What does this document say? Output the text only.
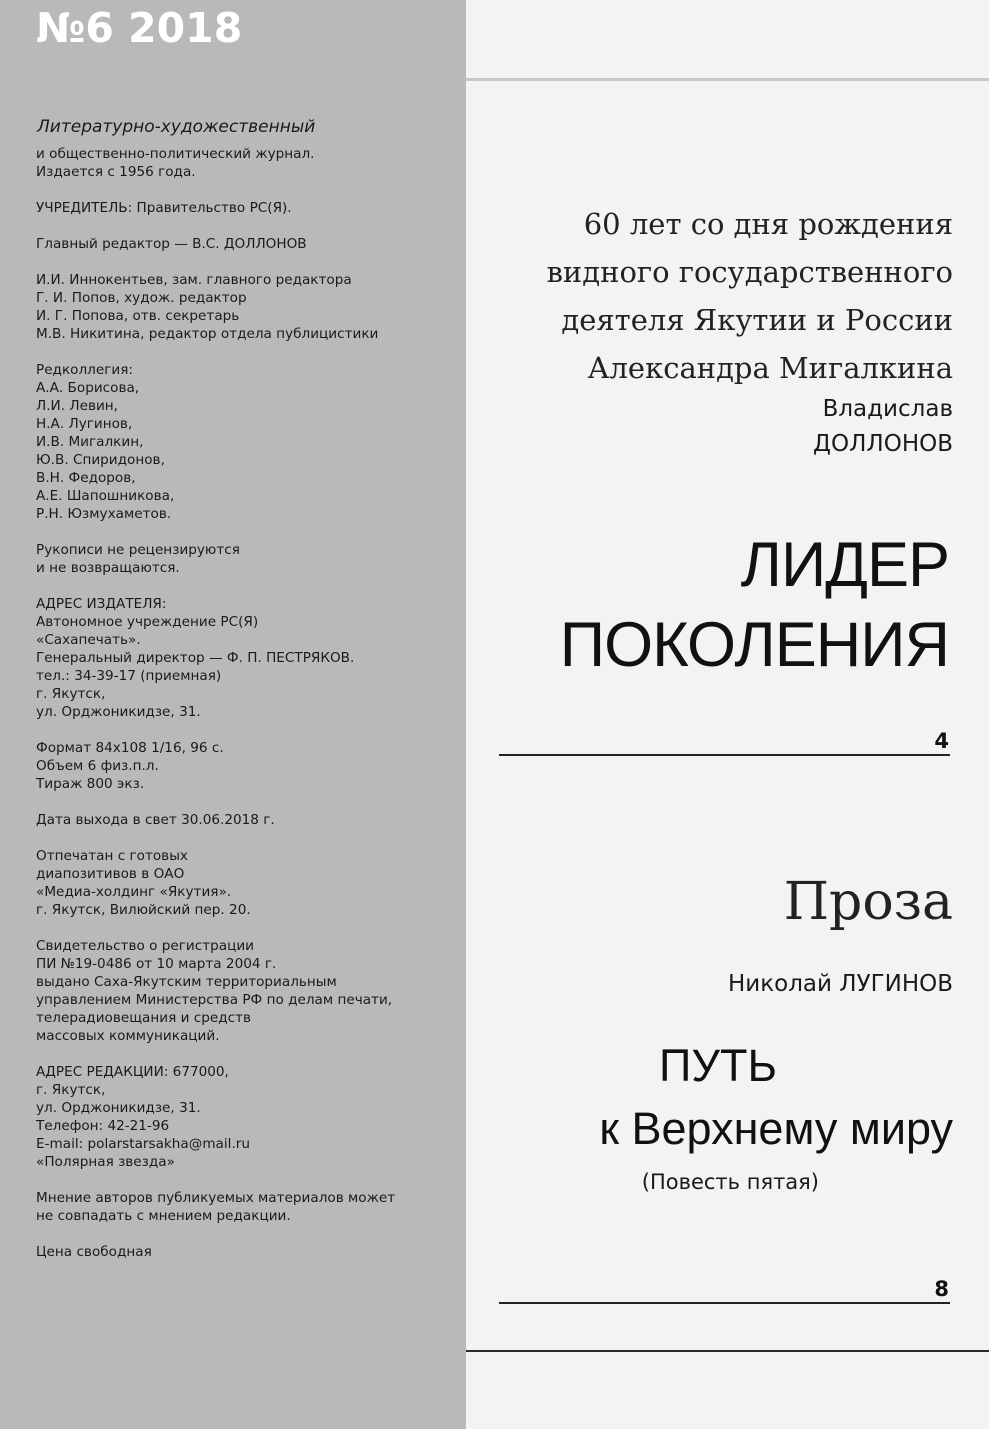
№6 2018
Литературно-художественный

и общественно-политический журнал.
Издается с 1956 года.

УЧРЕДИТЕЛЬ: Правительство РС(Я).

Главный редактор — В.С. ДОЛЛОНОВ

И.И. Иннокентьев, зам. главного редактора
Г. И. Попов, худож. редактор
И. Г. Попова, отв. секретарь
М.В. Никитина, редактор отдела публицистики

Редколлегия:
А.А. Борисова,
Л.И. Левин,
Н.А. Лугинов,
И.В. Мигалкин,
Ю.В. Спиридонов,
В.Н. Федоров,
А.Е. Шапошникова,
Р.Н. Юзмухаметов.

Рукописи не рецензируются
и не возвращаются.

АДРЕС ИЗДАТЕЛЯ:
Автономное учреждение РС(Я)
«Сахапечать».
Генеральный директор — Ф. П. ПЕСТРЯКОВ.
тел.: 34-39-17 (приемная)
г. Якутск,
ул. Орджоникидзе, 31.

Формат 84х108 1/16, 96 с.
Объем 6 физ.п.л.
Тираж 800 экз.

Дата выхода в свет 30.06.2018 г.

Отпечатан с готовых
диапозитивов в ОАО
«Медиа-холдинг «Якутия».
г. Якутск, Вилюйский пер. 20.

Свидетельство о регистрации
ПИ №19-0486 от 10 марта 2004 г.
выдано Саха-Якутским территориальным
управлением Министерства РФ по делам печати,
телерадиовещания и средств
массовых коммуникаций.

АДРЕС РЕДАКЦИИ: 677000,
г. Якутск,
ул. Орджоникидзе, 31.
Телефон: 42-21-96
E-mail: polarstarsakha@mail.ru
«Полярная звезда»

Мнение авторов публикуемых материалов может
не совпадать с мнением редакции.

Цена свободная

60 лет со дня рождения
видного государственного
деятеля Якутии и России
Александра Мигалкина
Владислав
ДОЛЛОНОВ
ЛИДЕР
ПОКОЛЕНИЯ
4
Проза
Николай ЛУГИНОВ
ПУТЬ
к Верхнему миру
(Повесть пятая)
8
